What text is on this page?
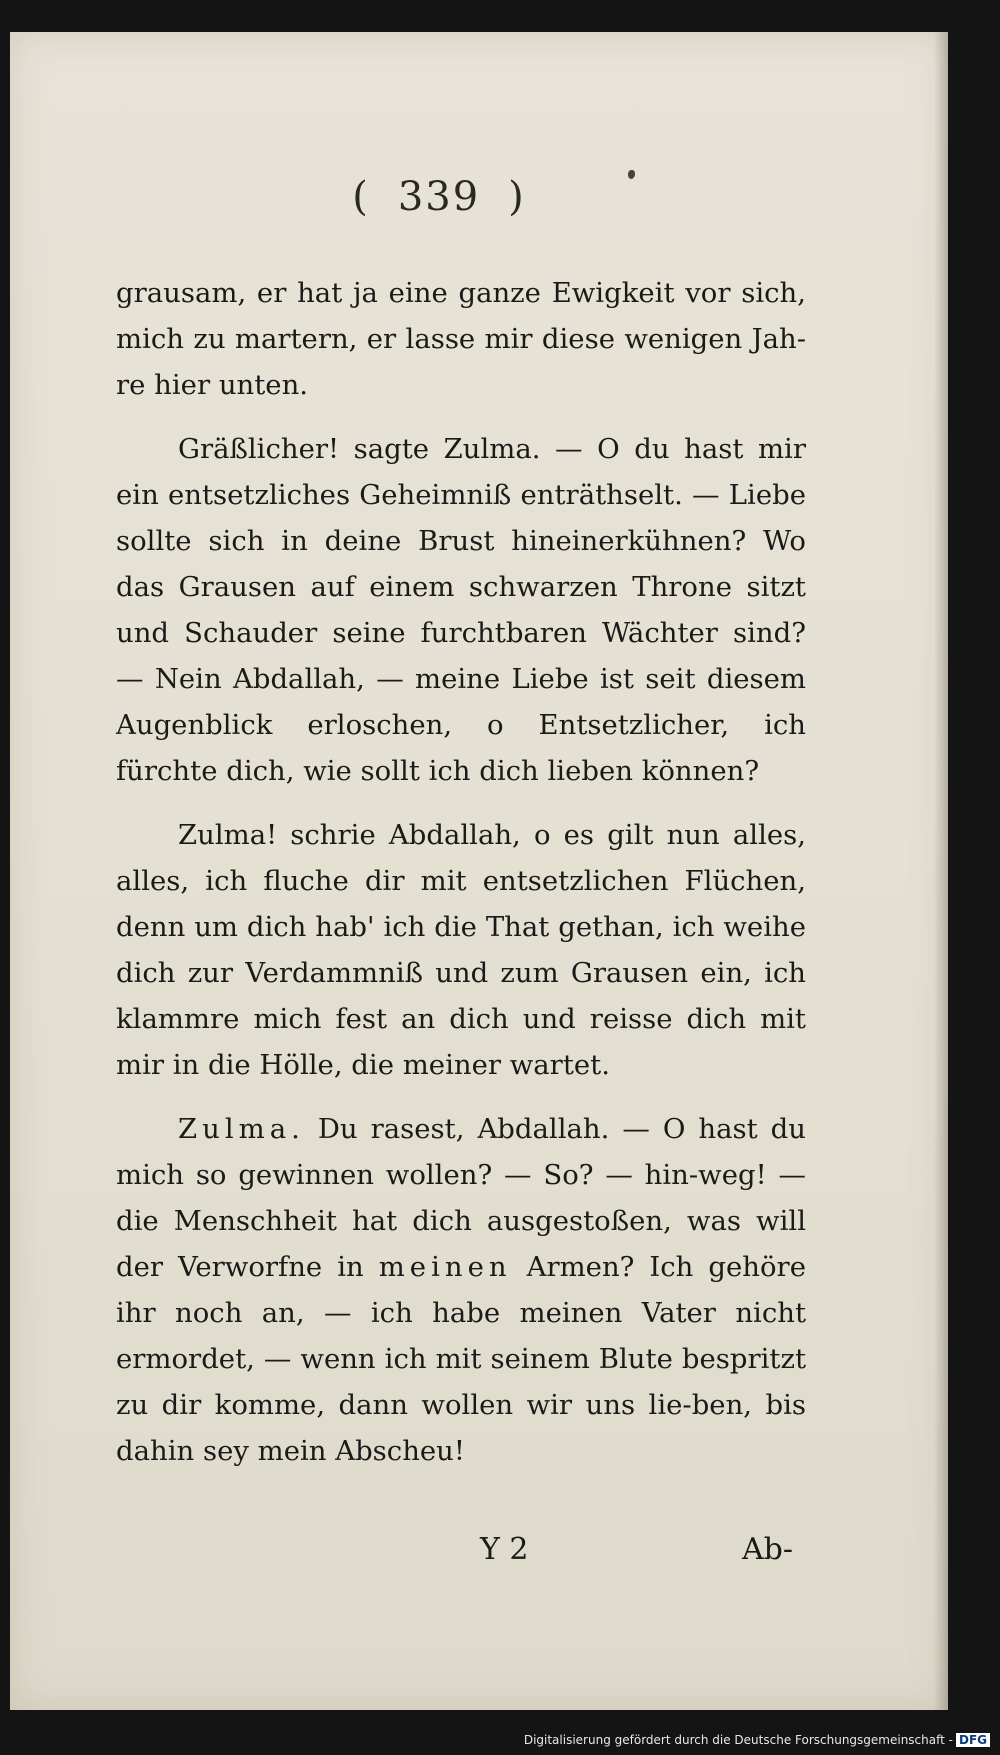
( 339 )

grausam, er hat ja eine ganze Ewigkeit vor sich, mich zu martern, er lasse mir diese wenigen Jah-re hier unten.

Gräßlicher! sagte Zulma. — O du hast mir ein entsetzliches Geheimniß enträthselt. — Liebe sollte sich in deine Brust hineinerkühnen? Wo das Grausen auf einem schwarzen Throne sitzt und Schauder seine furchtbaren Wächter sind? — Nein Abdallah, — meine Liebe ist seit diesem Augenblick erloschen, o Entsetzlicher, ich fürchte dich, wie sollt ich dich lieben können?

Zulma! schrie Abdallah, o es gilt nun alles, alles, ich fluche dir mit entsetzlichen Flüchen, denn um dich hab' ich die That gethan, ich weihe dich zur Verdammniß und zum Grausen ein, ich klammre mich fest an dich und reisse dich mit mir in die Hölle, die meiner wartet.

Zulma. Du rasest, Abdallah. — O hast du mich so gewinnen wollen? — So? — hin-weg! — die Menschheit hat dich ausgestoßen, was will der Verworfne in meinen Armen? Ich gehöre ihr noch an, — ich habe meinen Vater nicht ermordet, — wenn ich mit seinem Blute bespritzt zu dir komme, dann wollen wir uns lie-ben, bis dahin sey mein Abscheu!

Y 2	Ab-
Digitalisierung gefördert durch die Deutsche Forschungsgemeinschaft - DFG
